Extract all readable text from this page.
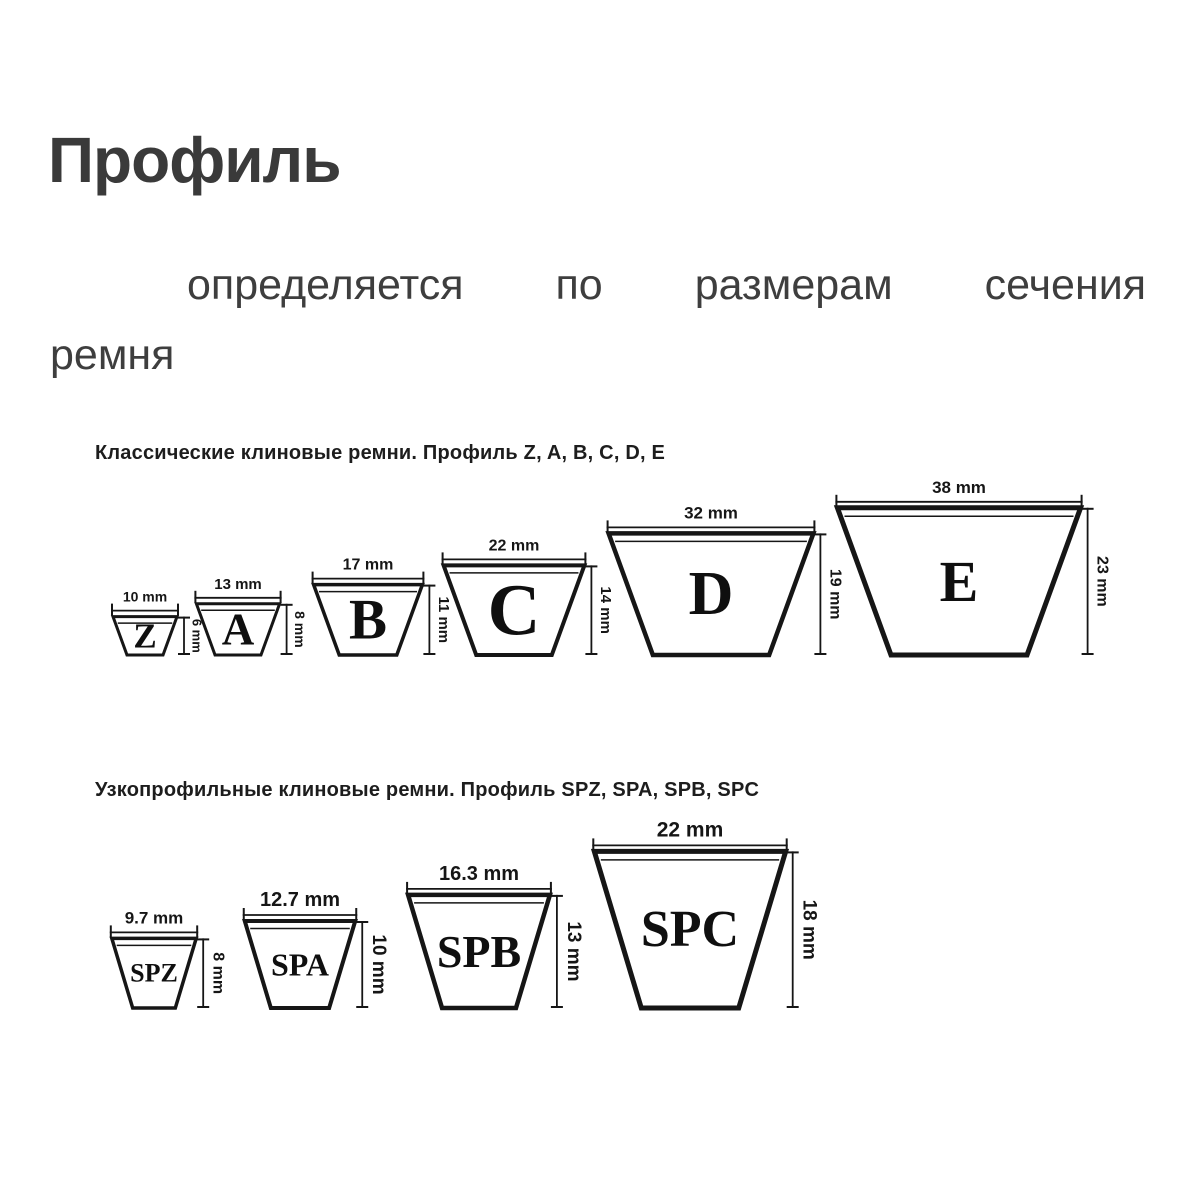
Профиль
определяется по размерам сечения
ремня
Классические клиновые ремни. Профиль Z, A, B, C, D, E
10 mm
Z	6 mm
13 mm
A	8 mm
17 mm
B	11 mm
22 mm
C	14 mm
32 mm
D	19 mm
38 mm
E	23 mm
Узкопрофильные клиновые ремни. Профиль SPZ, SPA, SPB, SPC
9.7 mm
SPZ 8 mm
12.7 mm
SPA 10 mm
16.3 mm
SPB 13 mm
22 mm
SPC	18 mm
